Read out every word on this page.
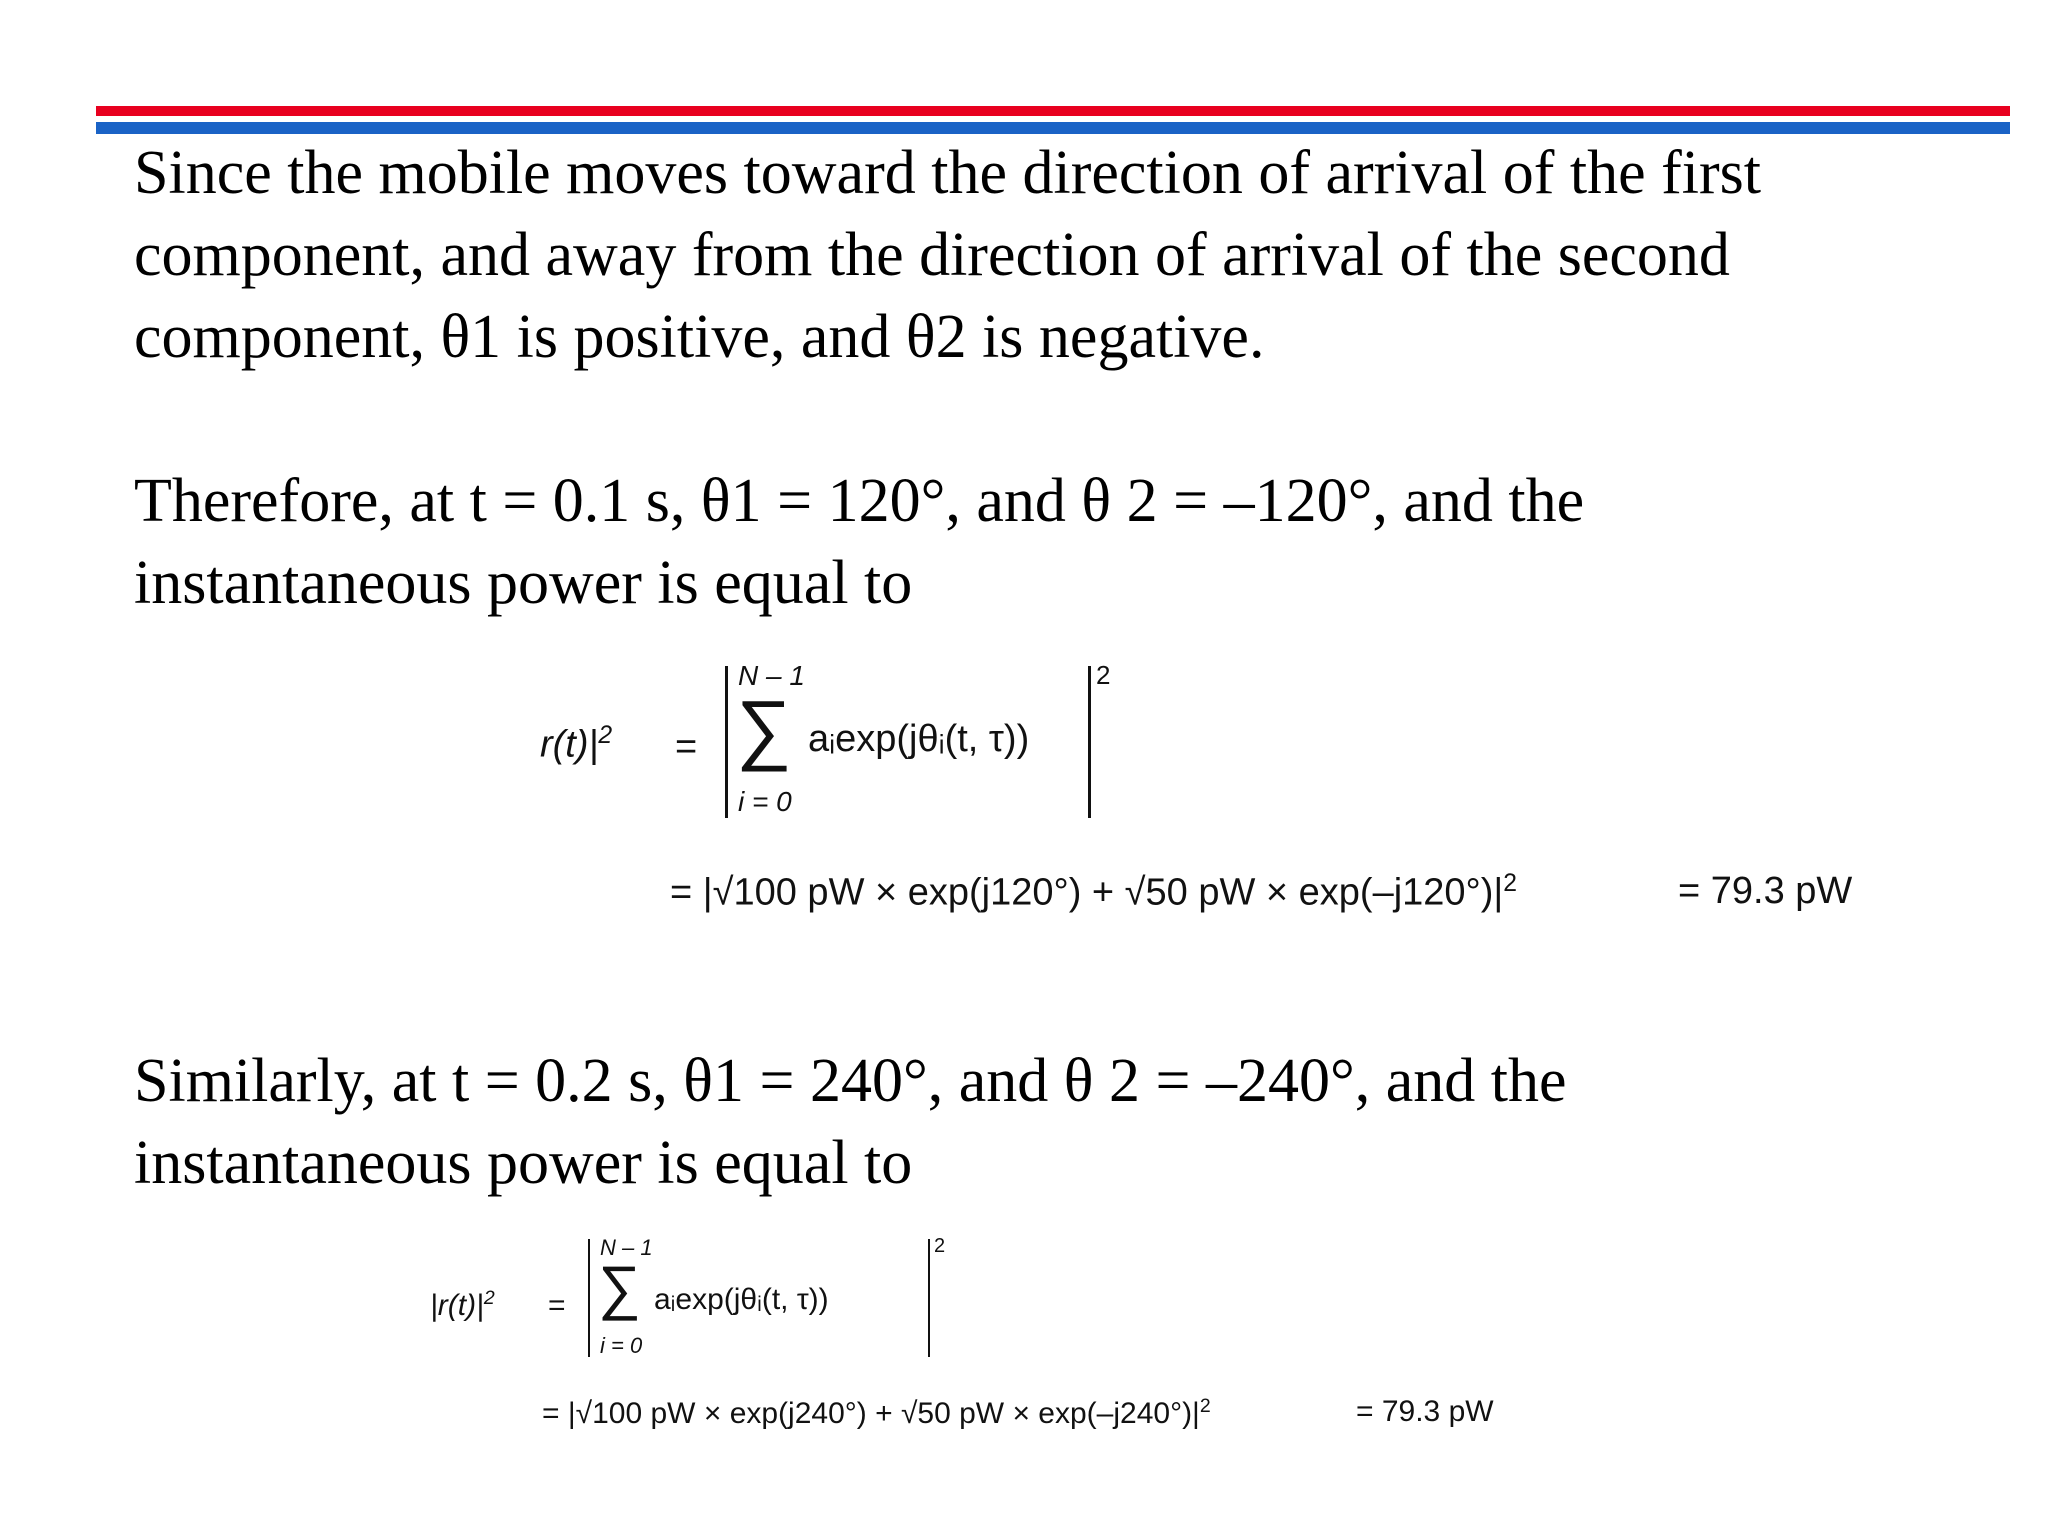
Since the mobile moves toward the direction of arrival of the first
component, and away from the direction of arrival of the second
component, θ1 is positive, and θ2 is negative.
Therefore, at t = 0.1 s, θ1 = 120°, and θ 2 = –120°, and the
instantaneous power is equal to
$r(t)|^2$ =
N – 1
∑
i = 0
aᵢexp(jθᵢ(t, τ))
2
= |√100 pW × exp(j120°) + √50 pW × $\exp(-j120^\circ)|^2$	= 79.3 pW
Similarly, at t = 0.2 s, θ1 = 240°, and θ 2 = –240°, and the
instantaneous power is equal to
$|r(t)|^2$ =
N – 1
∑
i = 0
aᵢexp(jθᵢ(t, τ))
2
= |√100 pW × exp(j240°) + √50 pW × $\exp(-j240^\circ)|^2$	= 79.3 pW
